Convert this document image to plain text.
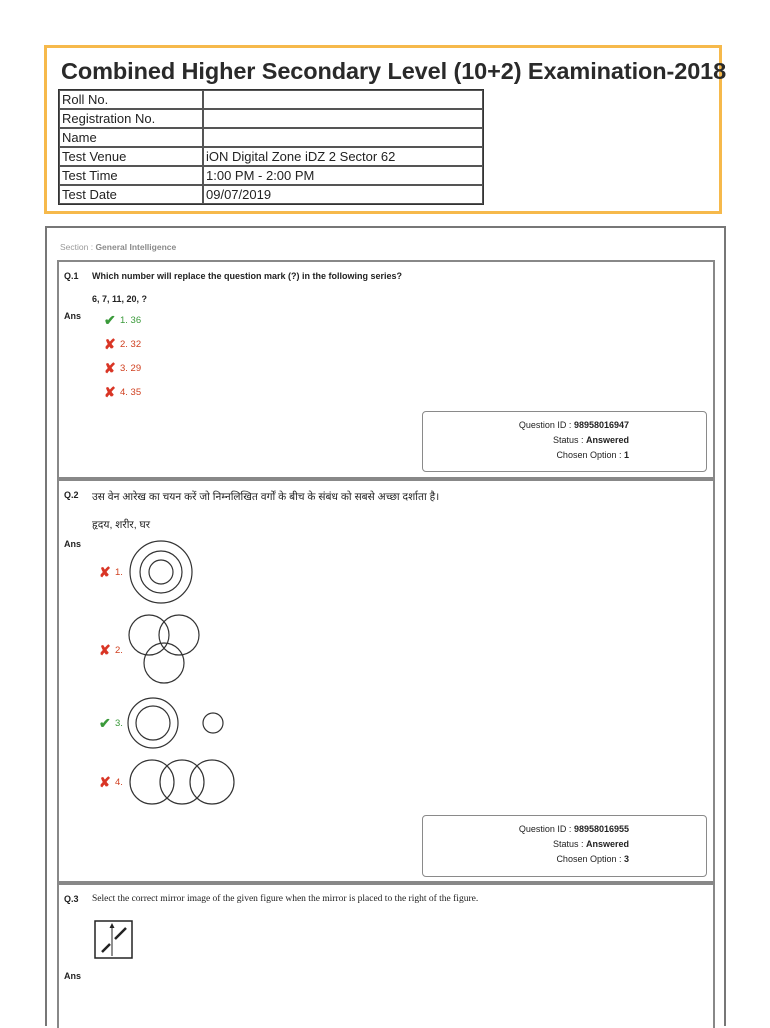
Combined Higher Secondary Level (10+2) Examination-2018
Roll No.	
Registration No.	
Name	
Test Venue	iON Digital Zone iDZ 2 Sector 62
Test Time	1:00 PM - 2:00 PM
Test Date	09/07/2019
Section : General Intelligence
Q.1 Which number will replace the question mark (?) in the following series?
6, 7, 11, 20, ?
Ans ✔ 1. 36
✘ 2. 32
✘ 3. 29
✘ 4. 35
Question ID : 98958016947
Status : Answered
Chosen Option : 1
Q.2 उस वेन आरेख का चयन करें जो निम्नलिखित वर्गों के बीच के संबंध को सबसे अच्छा दर्शाता है।
हृदय, शरीर, घर
Ans
✘ 1.
✘ 2.
✔ 3.
✘ 4.
Question ID : 98958016955
Status : Answered
Chosen Option : 3
Q.3 Select the correct mirror image of the given figure when the mirror is placed to the right of the figure.
Ans
